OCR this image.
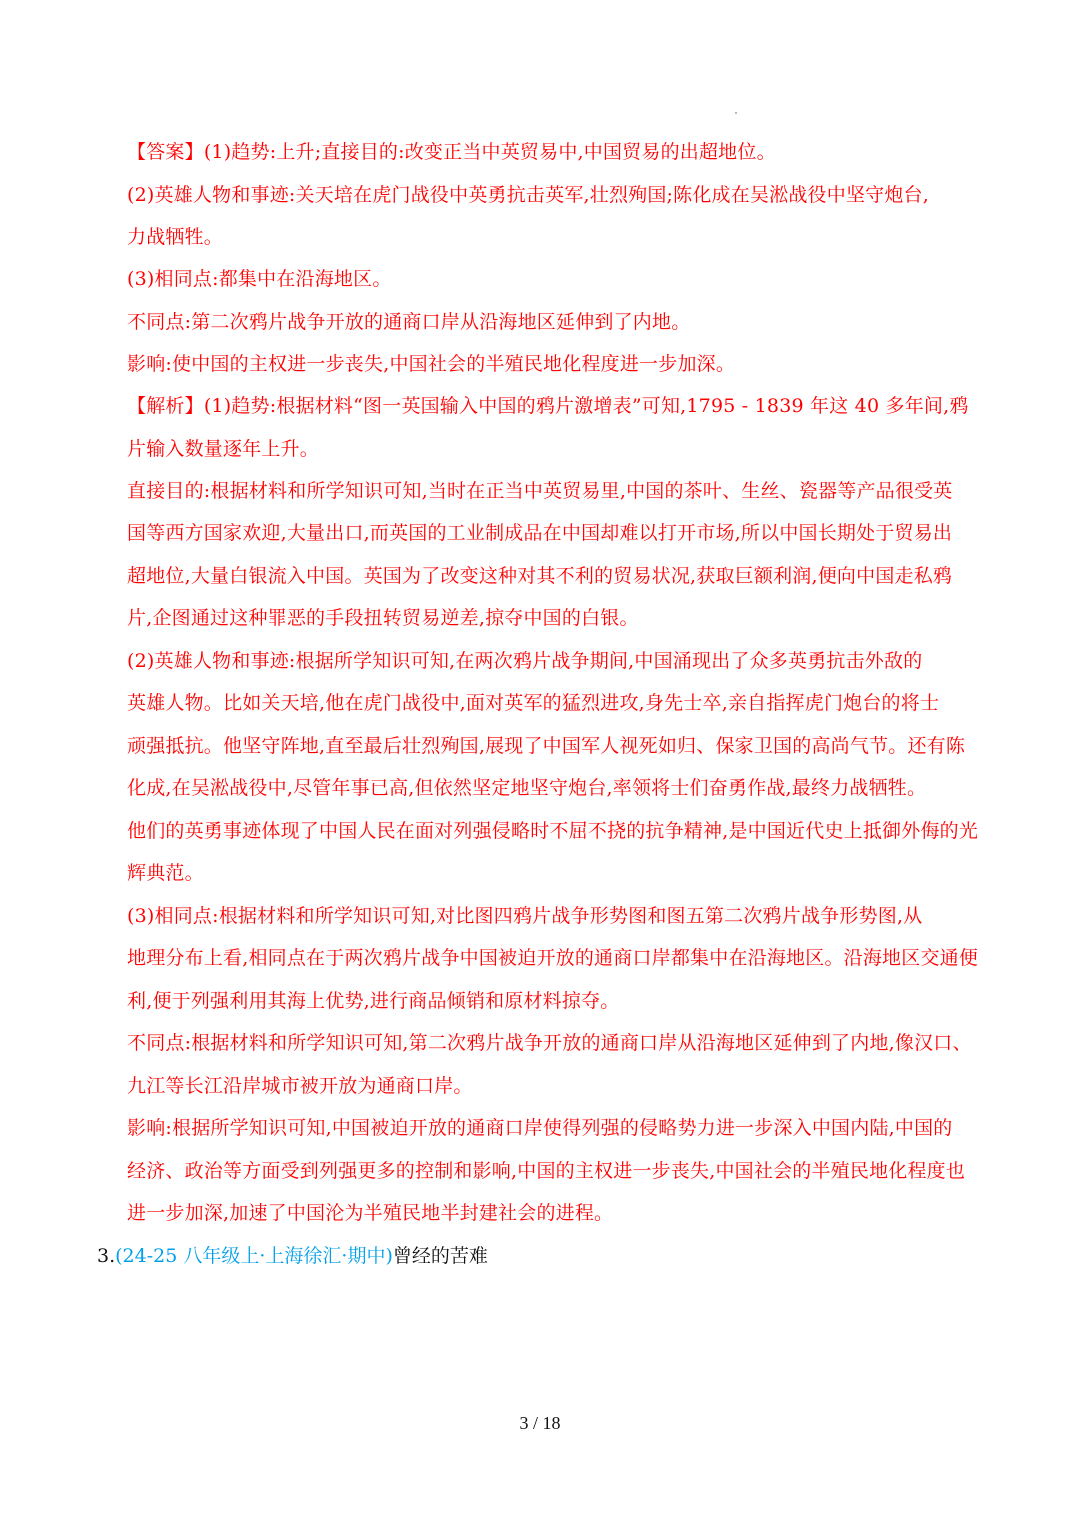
【答案】(1)趋势:上升;直接目的:改变正当中英贸易中,中国贸易的出超地位。
(2)英雄人物和事迹:关天培在虎门战役中英勇抗击英军,壮烈殉国;陈化成在吴淞战役中坚守炮台,
力战牺牲。
(3)相同点:都集中在沿海地区。
不同点:第二次鸦片战争开放的通商口岸从沿海地区延伸到了内地。
影响:使中国的主权进一步丧失,中国社会的半殖民地化程度进一步加深。
【解析】(1)趋势:根据材料“图一英国输入中国的鸦片激增表”可知,1795 - 1839 年这 40 多年间,鸦
片输入数量逐年上升。
直接目的:根据材料和所学知识可知,当时在正当中英贸易里,中国的茶叶、生丝、瓷器等产品很受英
国等西方国家欢迎,大量出口,而英国的工业制成品在中国却难以打开市场,所以中国长期处于贸易出
超地位,大量白银流入中国。英国为了改变这种对其不利的贸易状况,获取巨额利润,便向中国走私鸦
片,企图通过这种罪恶的手段扭转贸易逆差,掠夺中国的白银。
(2)英雄人物和事迹:根据所学知识可知,在两次鸦片战争期间,中国涌现出了众多英勇抗击外敌的
英雄人物。比如关天培,他在虎门战役中,面对英军的猛烈进攻,身先士卒,亲自指挥虎门炮台的将士
顽强抵抗。他坚守阵地,直至最后壮烈殉国,展现了中国军人视死如归、保家卫国的高尚气节。还有陈
化成,在吴淞战役中,尽管年事已高,但依然坚定地坚守炮台,率领将士们奋勇作战,最终力战牺牲。
他们的英勇事迹体现了中国人民在面对列强侵略时不屈不挠的抗争精神,是中国近代史上抵御外侮的光
辉典范。
(3)相同点:根据材料和所学知识可知,对比图四鸦片战争形势图和图五第二次鸦片战争形势图,从
地理分布上看,相同点在于两次鸦片战争中国被迫开放的通商口岸都集中在沿海地区。沿海地区交通便
利,便于列强利用其海上优势,进行商品倾销和原材料掠夺。
不同点:根据材料和所学知识可知,第二次鸦片战争开放的通商口岸从沿海地区延伸到了内地,像汉口、
九江等长江沿岸城市被开放为通商口岸。
影响:根据所学知识可知,中国被迫开放的通商口岸使得列强的侵略势力进一步深入中国内陆,中国的
经济、政治等方面受到列强更多的控制和影响,中国的主权进一步丧失,中国社会的半殖民地化程度也
进一步加深,加速了中国沦为半殖民地半封建社会的进程。
3.(24-25 八年级上·上海徐汇·期中)曾经的苦难
3 / 18
